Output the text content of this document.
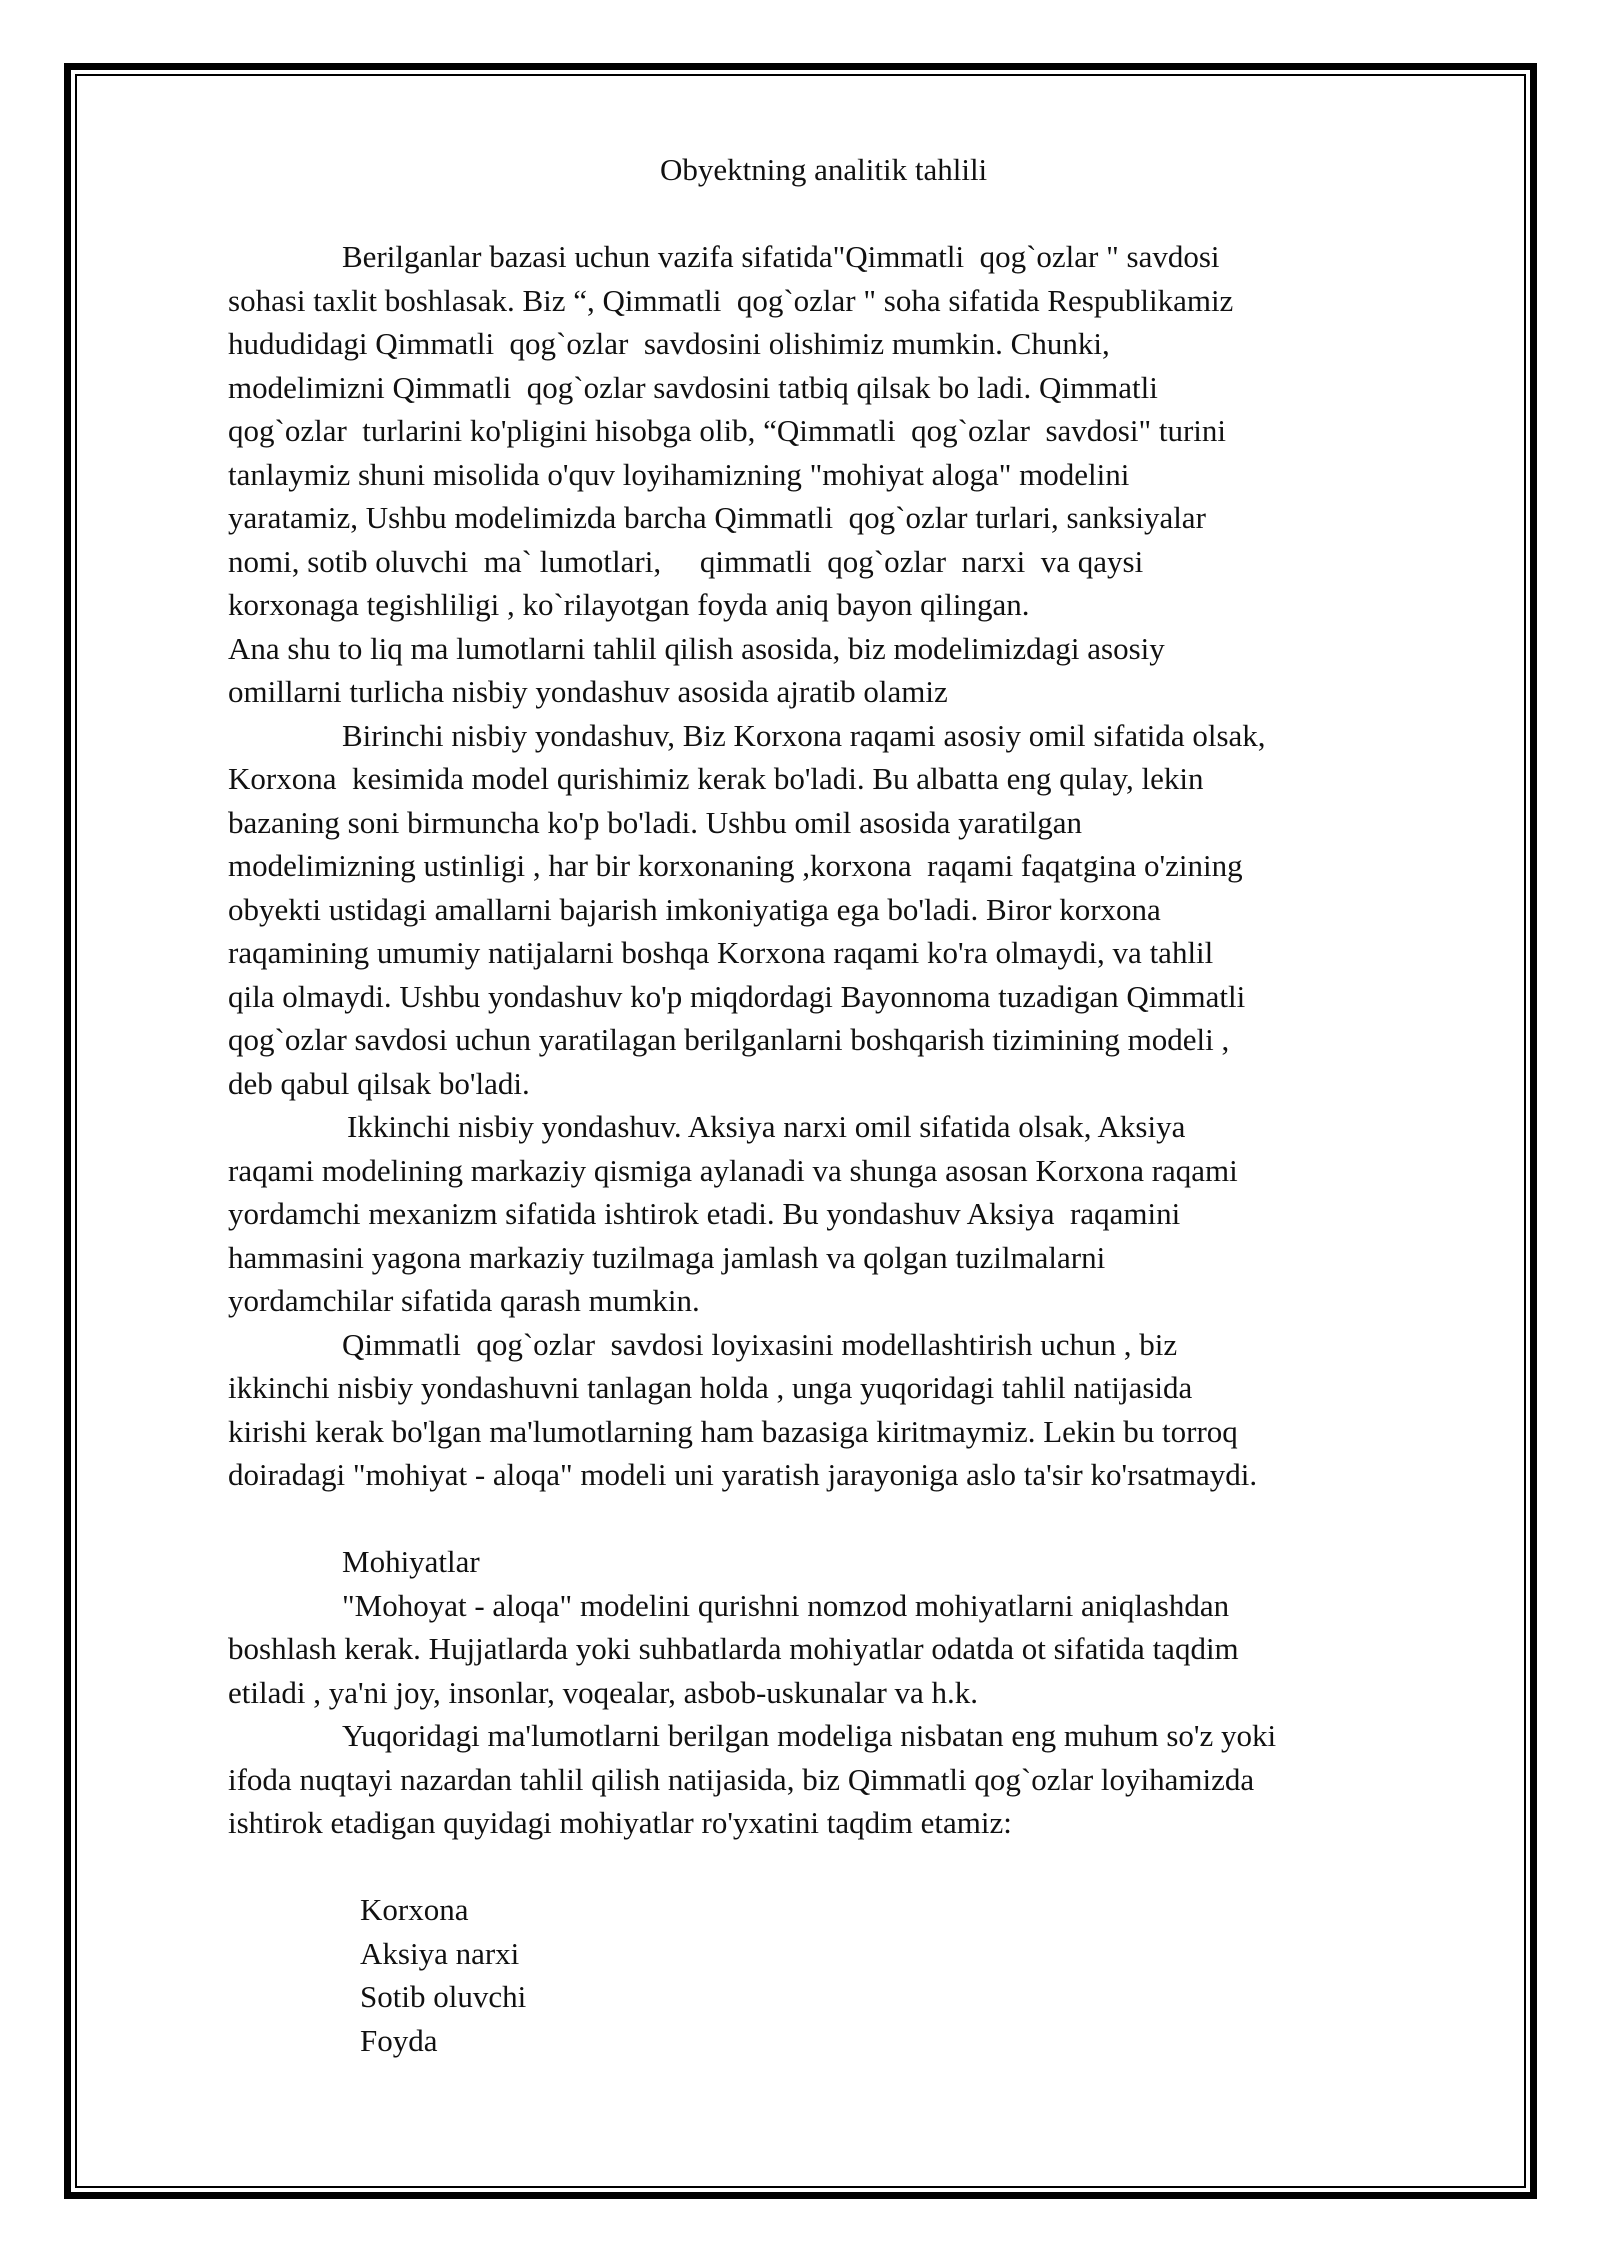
Obyektning analitik tahlili
Berilganlar bazasi uchun vazifa sifatida"Qimmatli  qog`ozlar " savdosi
sohasi taxlit boshlasak. Biz “, Qimmatli  qog`ozlar " soha sifatida Respublikamiz
hududidagi Qimmatli  qog`ozlar  savdosini olishimiz mumkin. Chunki,
modelimizni Qimmatli  qog`ozlar savdosini tatbiq qilsak bo ladi. Qimmatli
qog`ozlar  turlarini ko'pligini hisobga olib, “Qimmatli  qog`ozlar  savdosi" turini
tanlaymiz shuni misolida o'quv loyihamizning "mohiyat aloga" modelini
yaratamiz, Ushbu modelimizda barcha Qimmatli  qog`ozlar turlari, sanksiyalar
nomi, sotib oluvchi  ma` lumotlari,     qimmatli  qog`ozlar  narxi  va qaysi
korxonaga tegishliligi , ko`rilayotgan foyda aniq bayon qilingan.
Ana shu to liq ma lumotlarni tahlil qilish asosida, biz modelimizdagi asosiy
omillarni turlicha nisbiy yondashuv asosida ajratib olamiz
Birinchi nisbiy yondashuv, Biz Korxona raqami asosiy omil sifatida olsak,
Korxona  kesimida model qurishimiz kerak bo'ladi. Bu albatta eng qulay, lekin
bazaning soni birmuncha ko'p bo'ladi. Ushbu omil asosida yaratilgan
modelimizning ustinligi , har bir korxonaning ,korxona  raqami faqatgina o'zining
obyekti ustidagi amallarni bajarish imkoniyatiga ega bo'ladi. Biror korxona
raqamining umumiy natijalarni boshqa Korxona raqami ko'ra olmaydi, va tahlil
qila olmaydi. Ushbu yondashuv ko'p miqdordagi Bayonnoma tuzadigan Qimmatli
qog`ozlar savdosi uchun yaratilagan berilganlarni boshqarish tizimining modeli ,
deb qabul qilsak bo'ladi.
Ikkinchi nisbiy yondashuv. Aksiya narxi omil sifatida olsak, Aksiya
raqami modelining markaziy qismiga aylanadi va shunga asosan Korxona raqami
yordamchi mexanizm sifatida ishtirok etadi. Bu yondashuv Aksiya  raqamini
hammasini yagona markaziy tuzilmaga jamlash va qolgan tuzilmalarni
yordamchilar sifatida qarash mumkin.
Qimmatli  qog`ozlar  savdosi loyixasini modellashtirish uchun , biz
ikkinchi nisbiy yondashuvni tanlagan holda , unga yuqoridagi tahlil natijasida
kirishi kerak bo'lgan ma'lumotlarning ham bazasiga kiritmaymiz. Lekin bu torroq
doiradagi "mohiyat - aloqa" modeli uni yaratish jarayoniga aslo ta'sir ko'rsatmaydi.
Mohiyatlar
"Mohoyat - aloqa" modelini qurishni nomzod mohiyatlarni aniqlashdan
boshlash kerak. Hujjatlarda yoki suhbatlarda mohiyatlar odatda ot sifatida taqdim
etiladi , ya'ni joy, insonlar, voqealar, asbob-uskunalar va h.k.
Yuqoridagi ma'lumotlarni berilgan modeliga nisbatan eng muhum so'z yoki
ifoda nuqtayi nazardan tahlil qilish natijasida, biz Qimmatli qog`ozlar loyihamizda
ishtirok etadigan quyidagi mohiyatlar ro'yxatini taqdim etamiz:
Korxona
Aksiya narxi
Sotib oluvchi
Foyda
